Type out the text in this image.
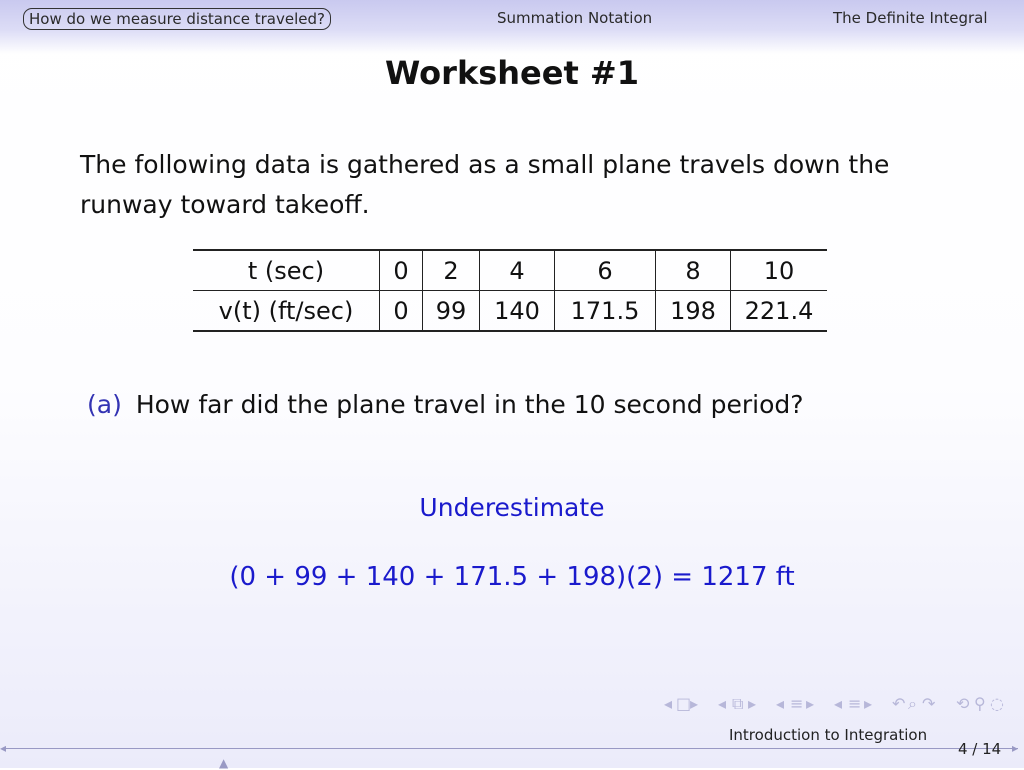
How do we measure distance traveled?	Summation Notation	The Definite Integral
Worksheet #1
The following data is gathered as a small plane travels down the runway toward takeoff.
t (sec)	0	2	4	6	8	10
v(t) (ft/sec)	0	99	140	171.5	198	221.4
(a) How far did the plane travel in the 10 second period?
Underestimate
(0 + 99 + 140 + 171.5 + 198)(2) = 1217 ft
◂ □
▸ ◂ ⧉ ▸ ◂ ≡ ▸ ◂ ≡ ▸ ↶ ⌕ ↷ ⟲ ⚲ ◌
◂	▸
▲
Introduction to Integration
4 / 14
